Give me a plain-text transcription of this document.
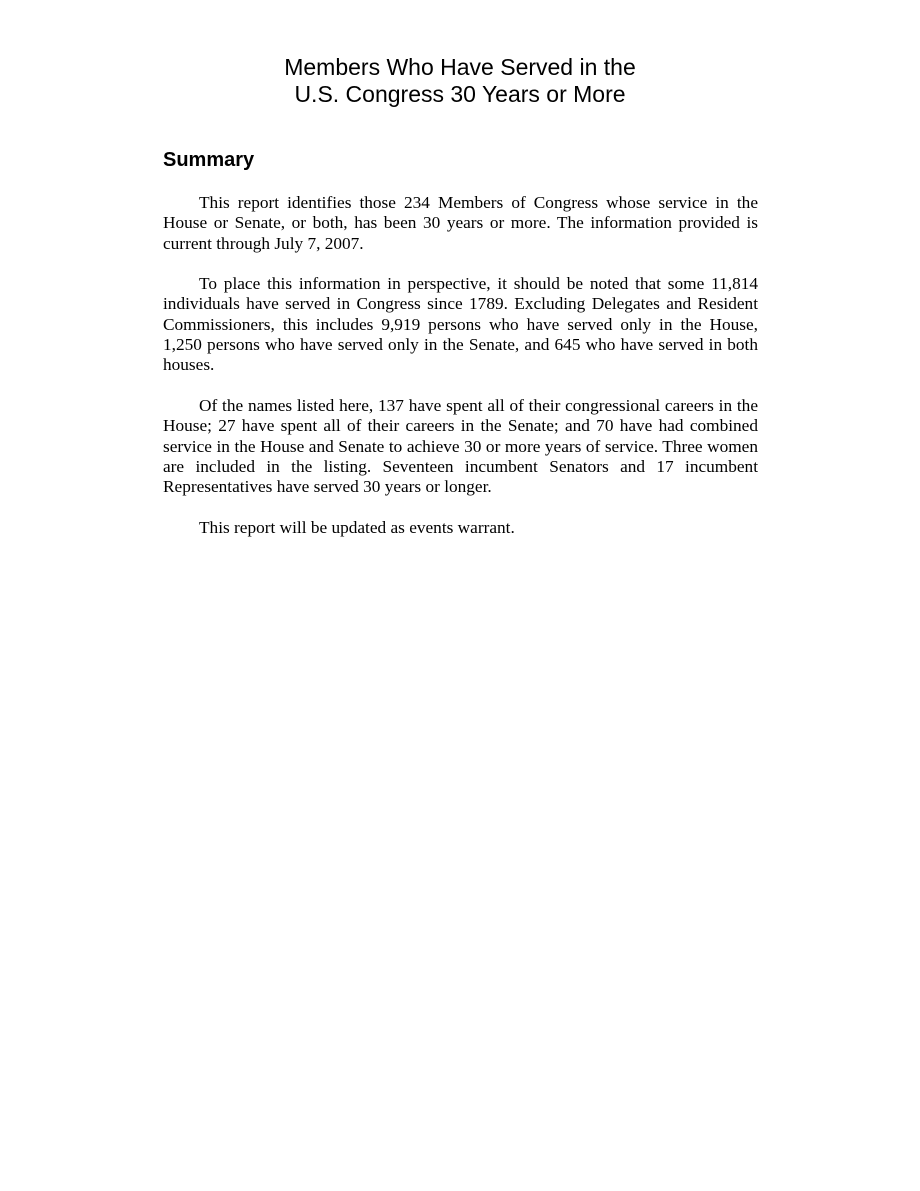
Members Who Have Served in the
U.S. Congress 30 Years or More
Summary

This report identifies those 234 Members of Congress whose service in the House or Senate, or both, has been 30 years or more. The information provided is current through July 7, 2007.

To place this information in perspective, it should be noted that some 11,814 individuals have served in Congress since 1789. Excluding Delegates and Resident Commissioners, this includes 9,919 persons who have served only in the House, 1,250 persons who have served only in the Senate, and 645 who have served in both houses.

Of the names listed here, 137 have spent all of their congressional careers in the House; 27 have spent all of their careers in the Senate; and 70 have had combined service in the House and Senate to achieve 30 or more years of service. Three women are included in the listing. Seventeen incumbent Senators and 17 incumbent Representatives have served 30 years or longer.

This report will be updated as events warrant.
